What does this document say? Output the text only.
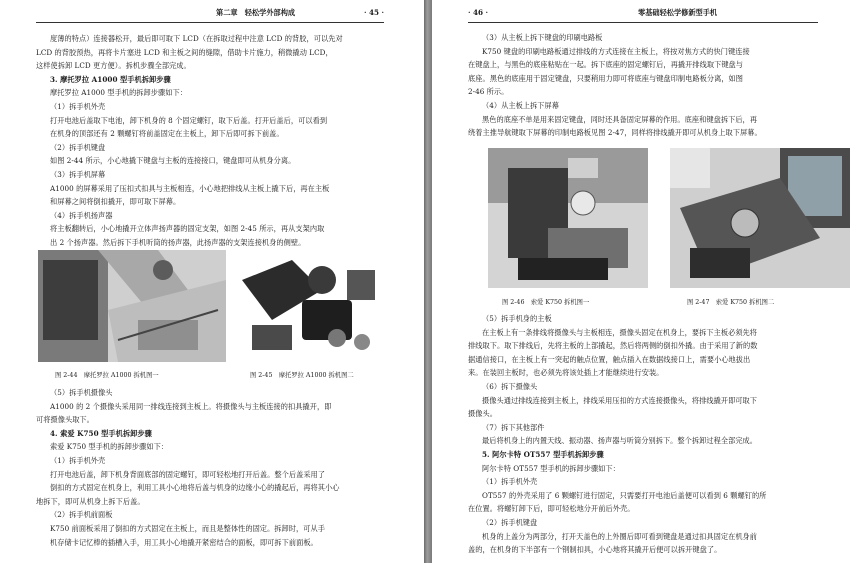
第二章　轻松学外部构成	· 45 ·
度薄的特点）连接器松开，最后即可取下 LCD（在拆取过程中注意 LCD 的背胶，可以先对
LCD 的背胶预热，再将卡片塞进 LCD 和主板之间的缝隙，借助卡片施力，稍微撬动 LCD，
这样使拆卸 LCD 更方便）。拆机步骤全部完成。
3. 摩托罗拉 A1000 型手机拆卸步骤
摩托罗拉 A1000 型手机的拆卸步骤如下：
（1）拆手机外壳
打开电池后盖取下电池，卸下机身的 8 个固定螺钉，取下后盖。打开后盖后，可以看到
在机身的顶部还有 2 颗螺钉将前盖固定在主板上，卸下后即可拆下前盖。
（2）拆手机键盘
如图 2-44 所示，小心地撬下键盘与主板的连接接口，键盘即可从机身分离。
（3）拆手机屏幕
A1000 的屏幕采用了压扣式扣具与主板相连，小心地把排线从主板上撬下后，再在主板
和屏幕之间将倒扣撬开，即可取下屏幕。
（4）拆手机扬声器
将主板翻转后，小心地撬开立体声扬声器的固定支架，如图 2-45 所示，再从支架内取
出 2 个扬声器。然后拆下手机听筒的扬声器，此扬声器的支架连接机身的侧壁。
图 2-44　摩托罗拉 A1000 拆机图一	图 2-45　摩托罗拉 A1000 拆机图二
（5）拆手机摄像头
A1000 的 2 个摄像头采用同一排线连接到主板上。将摄像头与主板连接的扣具撬开，即
可将摄像头取下。
4. 索爱 K750 型手机拆卸步骤
索爱 K750 型手机的拆卸步骤如下：
（1）拆手机外壳
打开电池后盖，卸下机身背面底部的固定螺钉，即可轻松地打开后盖。整个后盖采用了
倒扣的方式固定在机身上，利用工具小心地将后盖与机身的边缘小心的撬起后，再将其小心
地拆下，即可从机身上拆下后盖。
（2）拆手机前面板
K750 前面板采用了倒扣的方式固定在主板上，而且是整体性的固定。拆卸时，可从手
机存储卡记忆棒的插槽入手，用工具小心地撬开紧密结合的面板，即可拆下前面板。
· 46 ·	零基础轻松学修新型手机
（3）从主板上拆下键盘的印刷电路板
K750 键盘的印刷电路板通过排线的方式连接在主板上，将按对焦方式的快门键连接
在键盘上，与黑色的底座粘贴在一起。拆下底座的固定螺钉后，再撬开排线取下键盘与
底座。黑色的底座用于固定键盘，只要稍用力即可将底座与键盘印制电路板分离，如图
2-46 所示。
（4）从主板上拆下屏幕
黑色的底座不单是用来固定键盘，同时还具备固定屏幕的作用。底座和键盘拆下后，再
绕着主推导航键取下屏幕的印制电路板见图 2-47，同样将排线撬开即可从机身上取下屏幕。
图 2-46　索爱 K750 拆机图一	图 2-47　索爱 K750 拆机图二
（5）拆手机身的主板
在主板上有一条排线将摄像头与主板相连，摄像头固定在机身上，要拆下主板必须先将
排线取下。取下排线后，先将主板的上部撬起，然后将两侧的倒扣外撬。由于采用了新的数
据通信接口，在主板上有一突起的触点位置，触点插入在数据线接口上，需要小心地拔出
来。在装回主板时，也必须先将该处插上才能继续进行安装。
（6）拆下摄像头
摄像头通过排线连接到主板上，排线采用压扣的方式连接摄像头，将排线撬开即可取下
摄像头。
（7）拆下其他部件
最后将机身上的内置天线、振动器、扬声器与听筒分别拆下。整个拆卸过程全部完成。
5. 阿尔卡特 OT557 型手机拆卸步骤
阿尔卡特 OT557 型手机的拆卸步骤如下：
（1）拆手机外壳
OT557 的外壳采用了 6 颗螺钉进行固定，只需要打开电池后盖便可以看到 6 颗螺钉的所
在位置。将螺钉卸下后，即可轻松地分开前后外壳。
（2）拆手机键盘
机身的上盖分为两部分，打开天盖色的上外圈后即可看到键盘是通过扣具固定在机身前
盖的，在机身的下半部有一个钢制扣具，小心地将其撬开后便可以拆开键盘了。
